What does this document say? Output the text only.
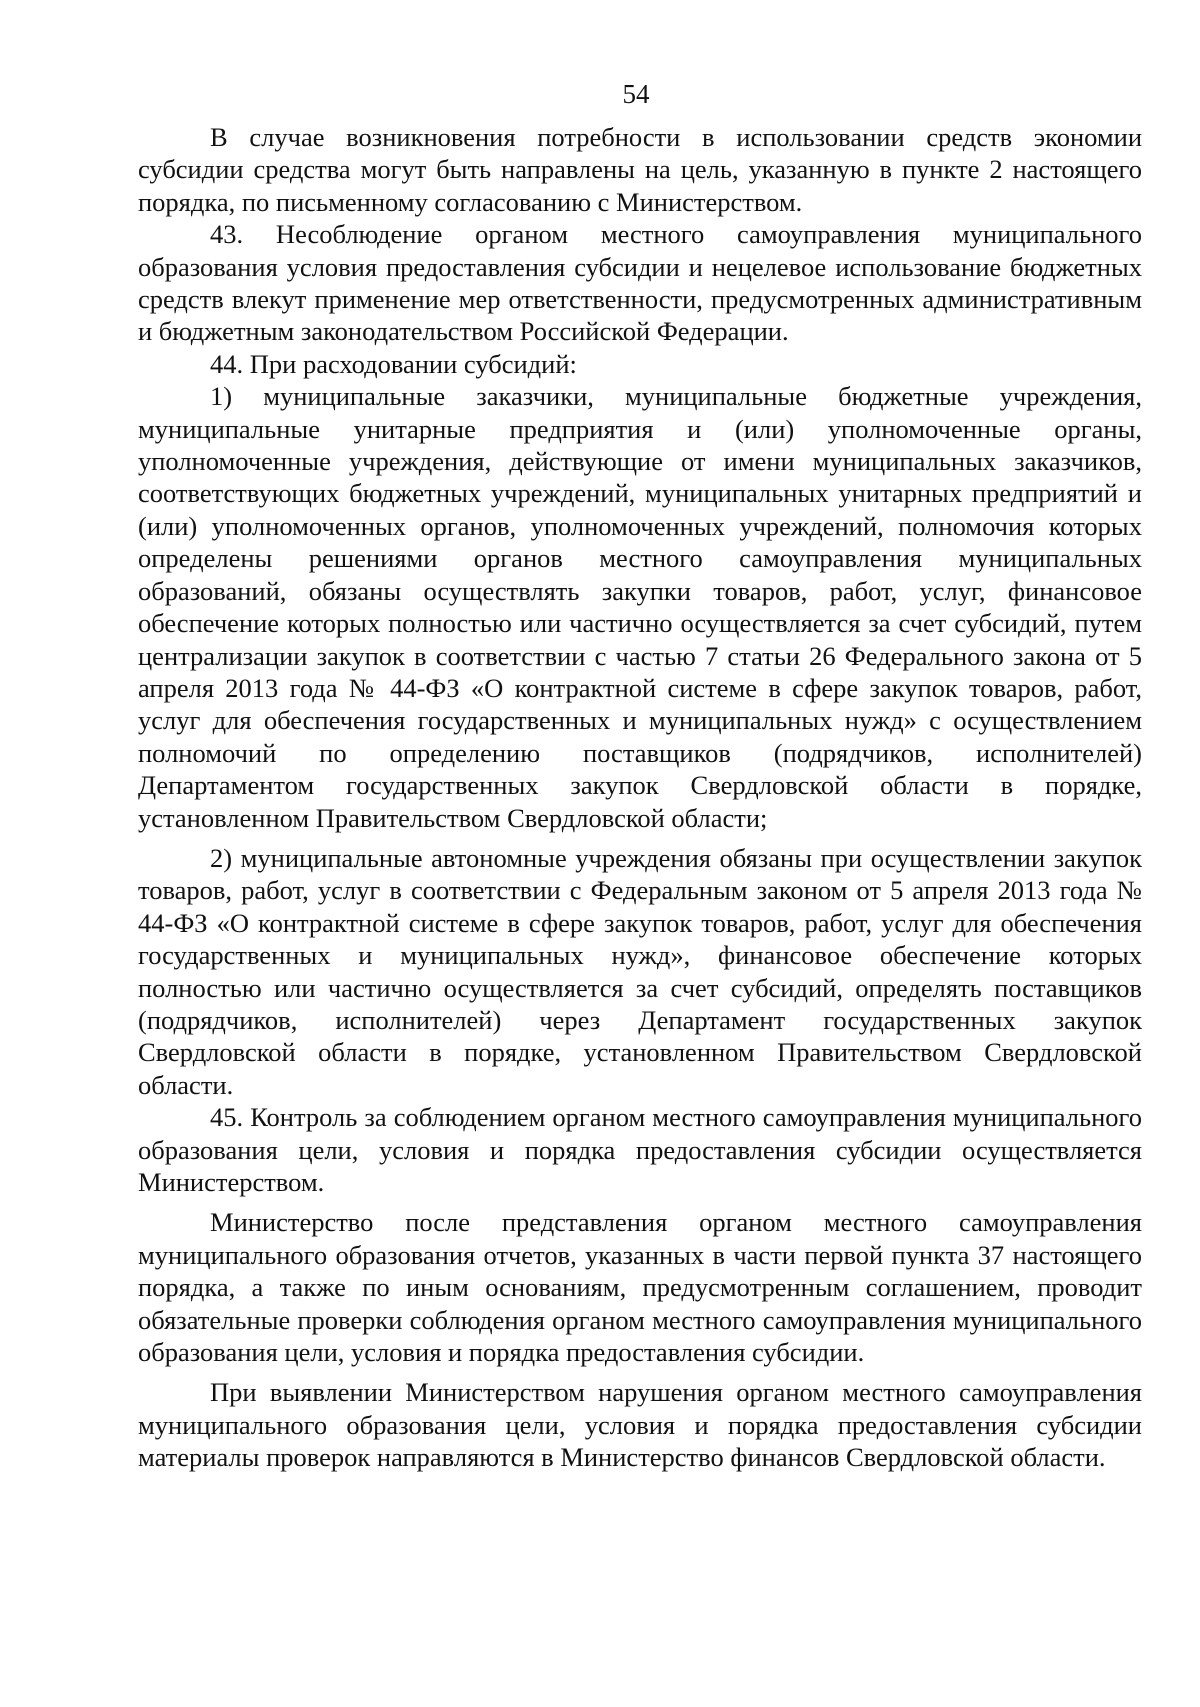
54

В случае возникновения потребности в использовании средств экономии субсидии средства могут быть направлены на цель, указанную в пункте 2 настоящего порядка, по письменному согласованию с Министерством.

43. Несоблюдение органом местного самоуправления муниципального образования условия предоставления субсидии и нецелевое использование бюджетных средств влекут применение мер ответственности, предусмотренных административным и бюджетным законодательством Российской Федерации.

44. При расходовании субсидий:

1) муниципальные заказчики, муниципальные бюджетные учреждения, муниципальные унитарные предприятия и (или) уполномоченные органы, уполномоченные учреждения, действующие от имени муниципальных заказчиков, соответствующих бюджетных учреждений, муниципальных унитарных предприятий и (или) уполномоченных органов, уполномоченных учреждений, полномочия которых определены решениями органов местного самоуправления муниципальных образований, обязаны осуществлять закупки товаров, работ, услуг, финансовое обеспечение которых полностью или частично осуществляется за счет субсидий, путем централизации закупок в соответствии с частью 7 статьи 26 Федерального закона от 5 апреля 2013 года № 44-ФЗ «О контрактной системе в сфере закупок товаров, работ, услуг для обеспечения государственных и муниципальных нужд» с осуществлением полномочий по определению поставщиков (подрядчиков, исполнителей) Департаментом государственных закупок Свердловской области в порядке, установленном Правительством Свердловской области;

2) муниципальные автономные учреждения обязаны при осуществлении закупок товаров, работ, услуг в соответствии с Федеральным законом от 5 апреля 2013 года № 44-ФЗ «О контрактной системе в сфере закупок товаров, работ, услуг для обеспечения государственных и муниципальных нужд», финансовое обеспечение которых полностью или частично осуществляется за счет субсидий, определять поставщиков (подрядчиков, исполнителей) через Департамент государственных закупок Свердловской области в порядке, установленном Правительством Свердловской области.

45. Контроль за соблюдением органом местного самоуправления муниципального образования цели, условия и порядка предоставления субсидии осуществляется Министерством.

Министерство после представления органом местного самоуправления муниципального образования отчетов, указанных в части первой пункта 37 настоящего порядка, а также по иным основаниям, предусмотренным соглашением, проводит обязательные проверки соблюдения органом местного самоуправления муниципального образования цели, условия и порядка предоставления субсидии.

При выявлении Министерством нарушения органом местного самоуправления муниципального образования цели, условия и порядка предоставления субсидии материалы проверок направляются в Министерство финансов Свердловской области.
